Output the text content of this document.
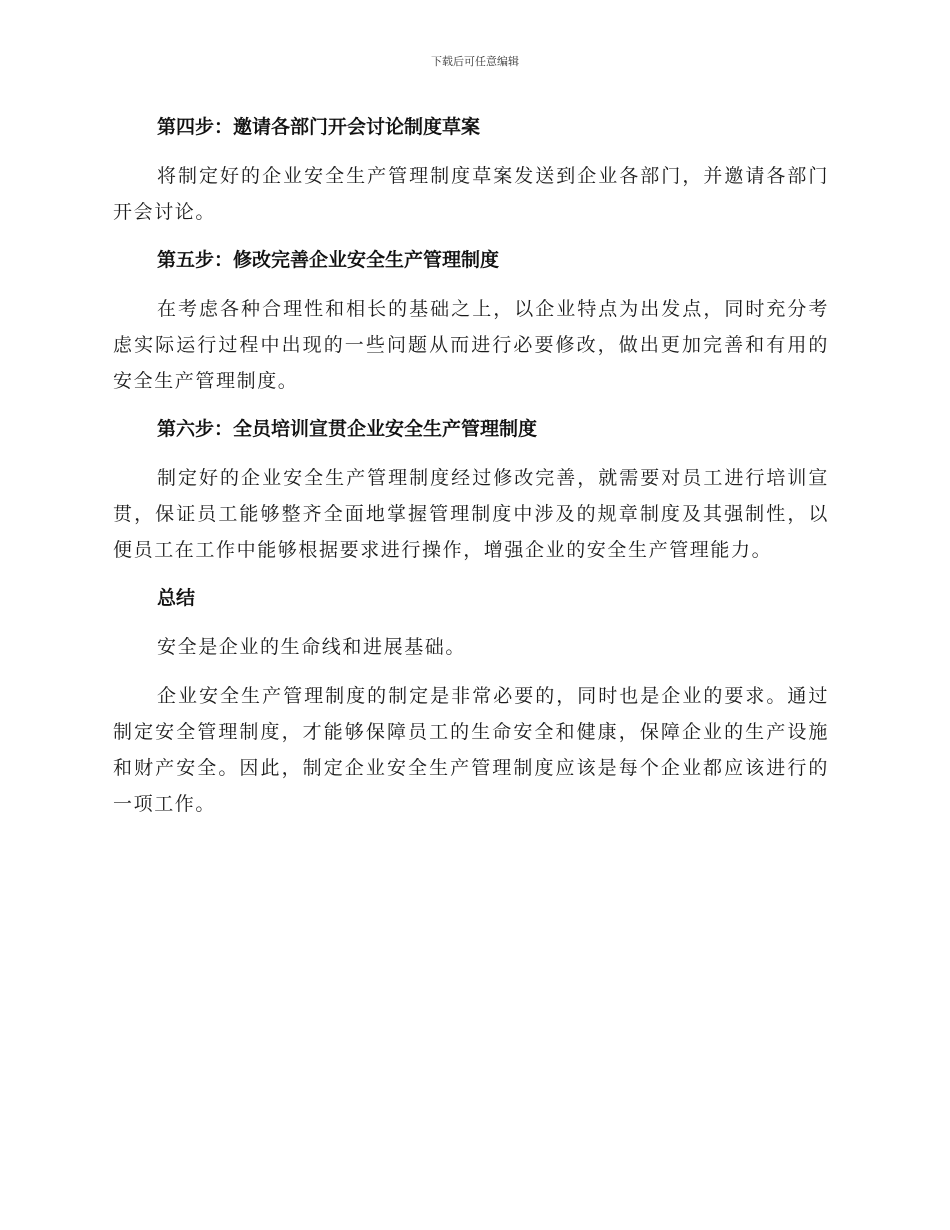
下载后可任意编辑

第四步：邀请各部门开会讨论制度草案

将制定好的企业安全生产管理制度草案发送到企业各部门，并邀请各部门开会讨论。

第五步：修改完善企业安全生产管理制度

在考虑各种合理性和相长的基础之上，以企业特点为出发点，同时充分考虑实际运行过程中出现的一些问题从而进行必要修改，做出更加完善和有用的安全生产管理制度。

第六步：全员培训宣贯企业安全生产管理制度

制定好的企业安全生产管理制度经过修改完善，就需要对员工进行培训宣贯，保证员工能够整齐全面地掌握管理制度中涉及的规章制度及其强制性，以便员工在工作中能够根据要求进行操作，增强企业的安全生产管理能力。

总结

安全是企业的生命线和进展基础。

企业安全生产管理制度的制定是非常必要的，同时也是企业的要求。通过制定安全管理制度，才能够保障员工的生命安全和健康，保障企业的生产设施和财产安全。因此，制定企业安全生产管理制度应该是每个企业都应该进行的一项工作。
